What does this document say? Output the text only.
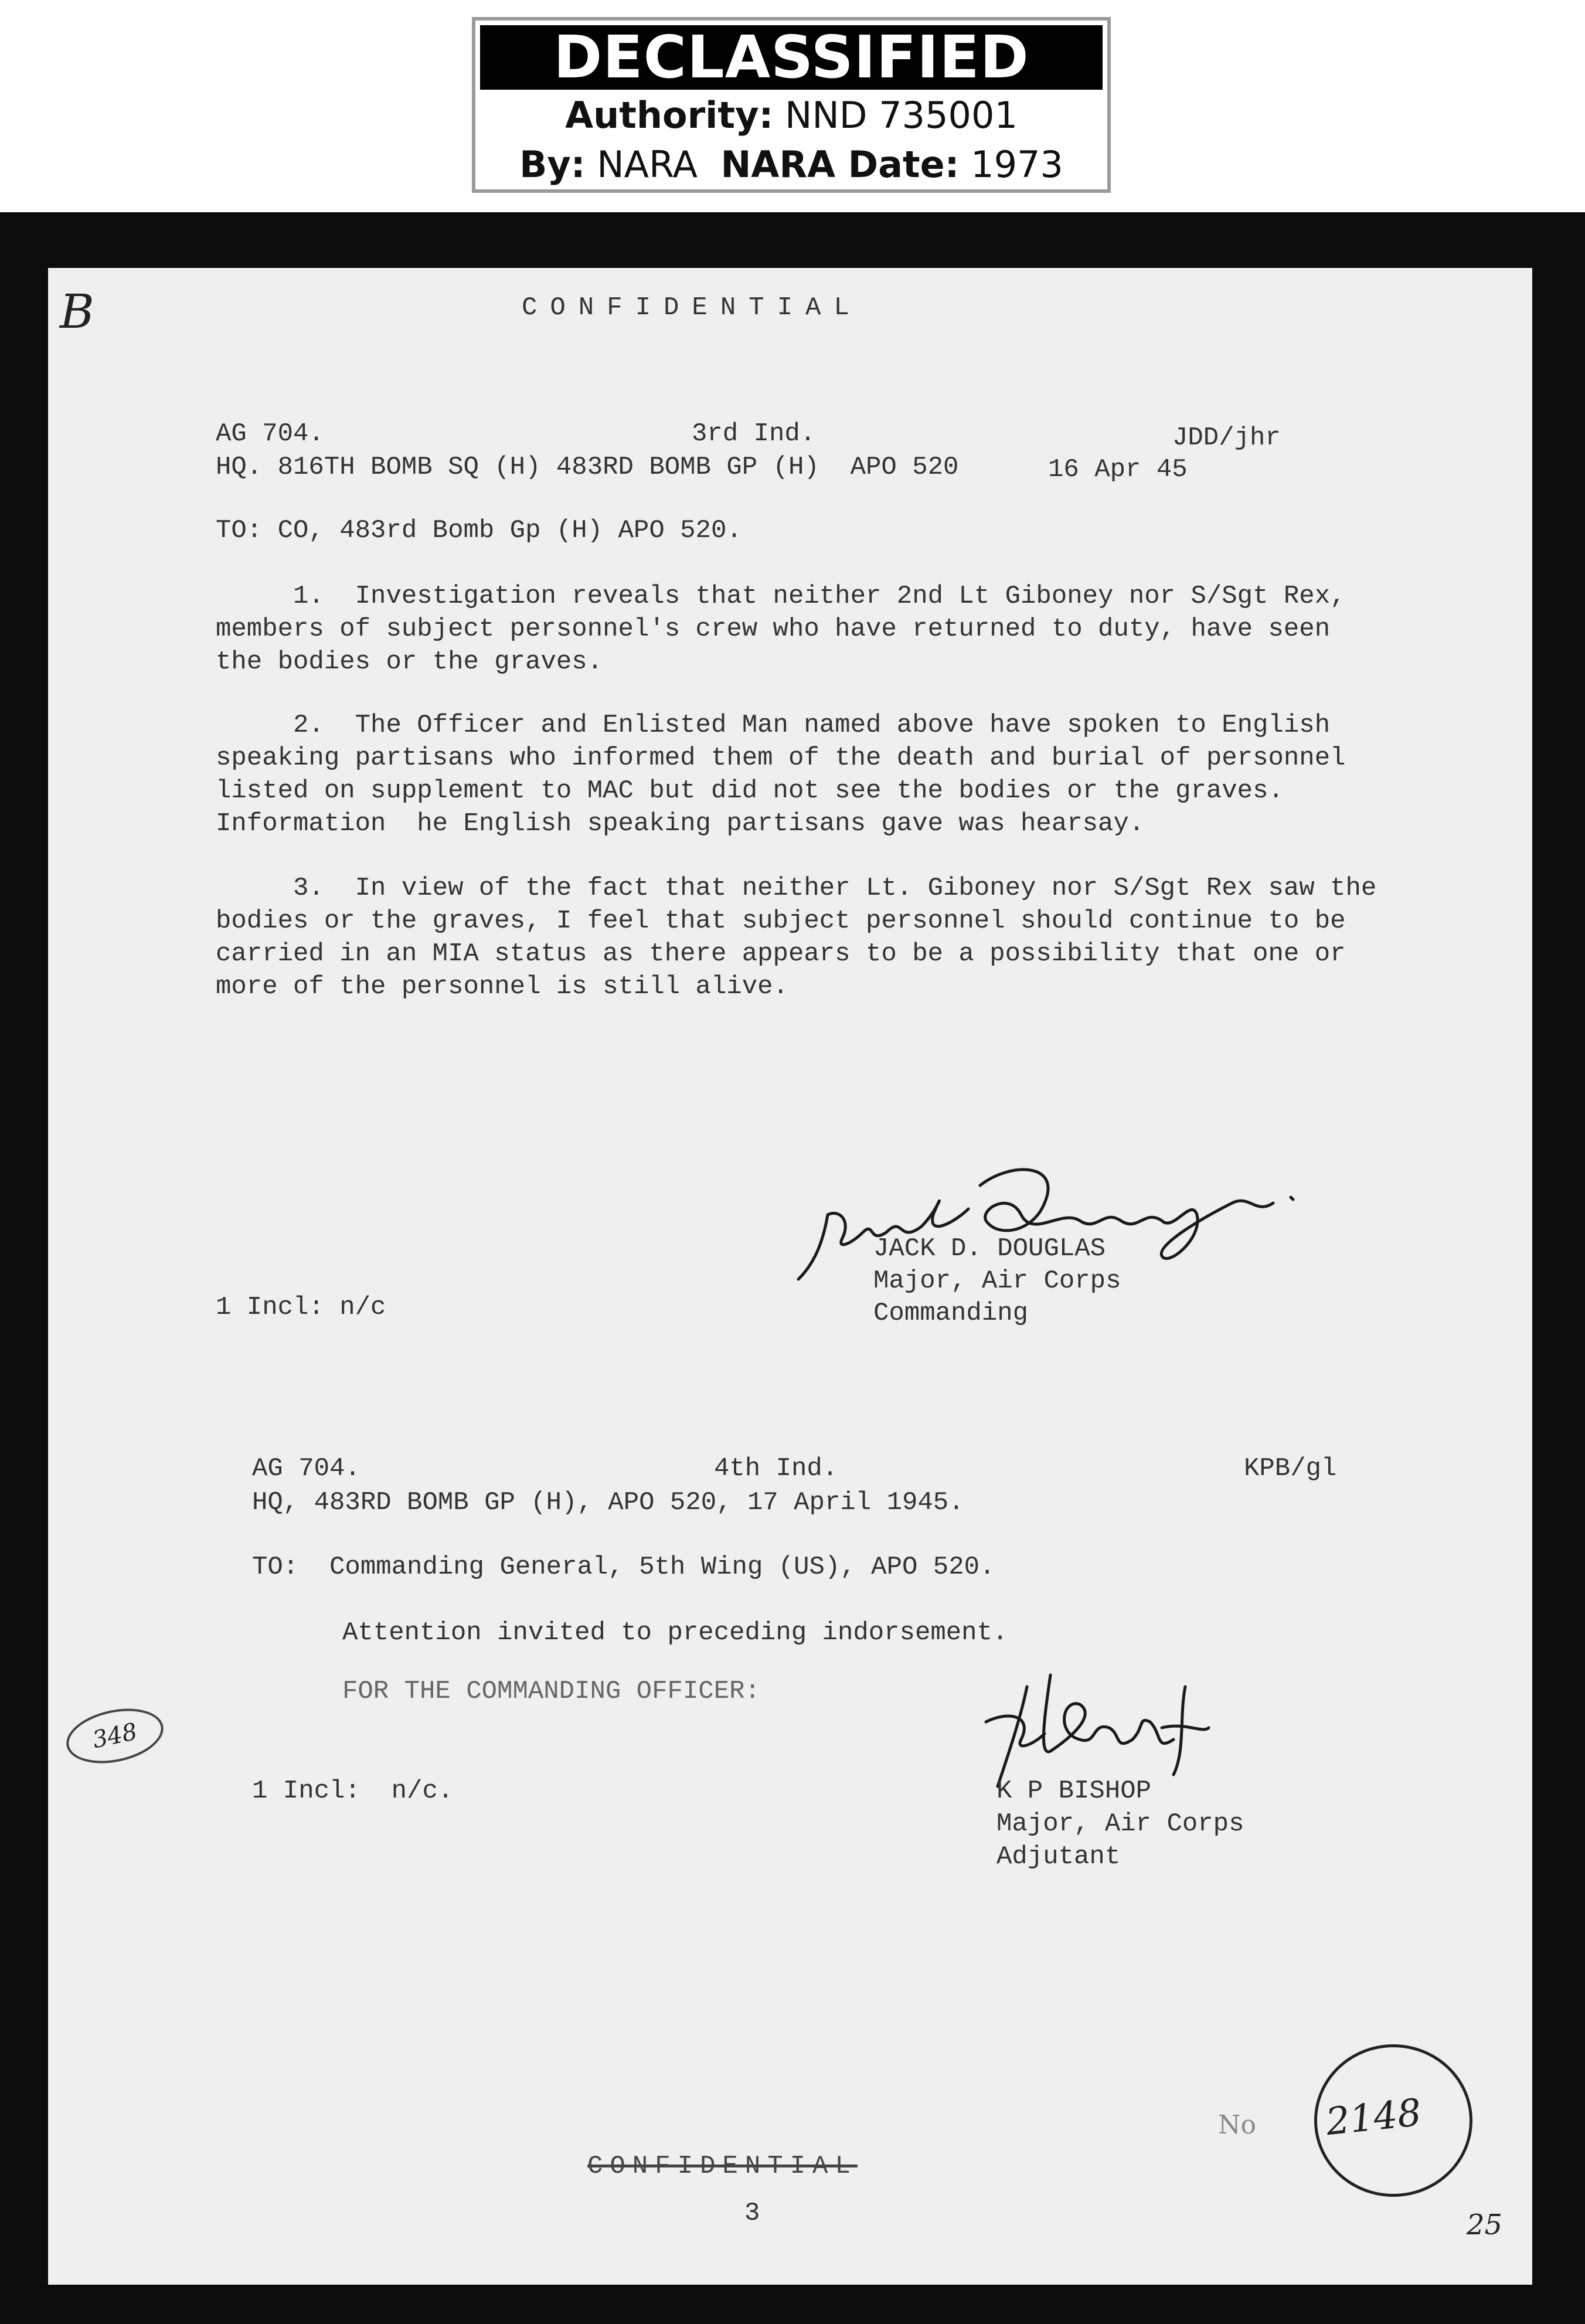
DECLASSIFIED
Authority: NND 735001
By: NARA NARA Date: 1973
B	CONFIDENTIAL
AG 704.	3rd Ind.	JDD/jhr
HQ. 816TH BOMB SQ (H) 483RD BOMB GP (H)  APO 520	16 Apr 45
TO: CO, 483rd Bomb Gp (H) APO 520.
1.  Investigation reveals that neither 2nd Lt Giboney nor S/Sgt Rex,
members of subject personnel's crew who have returned to duty, have seen
the bodies or the graves.
2.  The Officer and Enlisted Man named above have spoken to English
speaking partisans who informed them of the death and burial of personnel
listed on supplement to MAC but did not see the bodies or the graves.
Information  he English speaking partisans gave was hearsay.
3.  In view of the fact that neither Lt. Giboney nor S/Sgt Rex saw the
bodies or the graves, I feel that subject personnel should continue to be
carried in an MIA status as there appears to be a possibility that one or
more of the personnel is still alive.
JACK D. DOUGLAS
Major, Air Corps
Commanding
1 Incl: n/c
AG 704.	4th Ind.	KPB/gl
HQ, 483RD BOMB GP (H), APO 520, 17 April 1945.
TO:  Commanding General, 5th Wing (US), APO 520.
Attention invited to preceding indorsement.
FOR THE COMMANDING OFFICER:
K P BISHOP
Major, Air Corps
Adjutant
1 Incl:  n/c.
348
No 2148
CONFIDENTIAL
3	25
